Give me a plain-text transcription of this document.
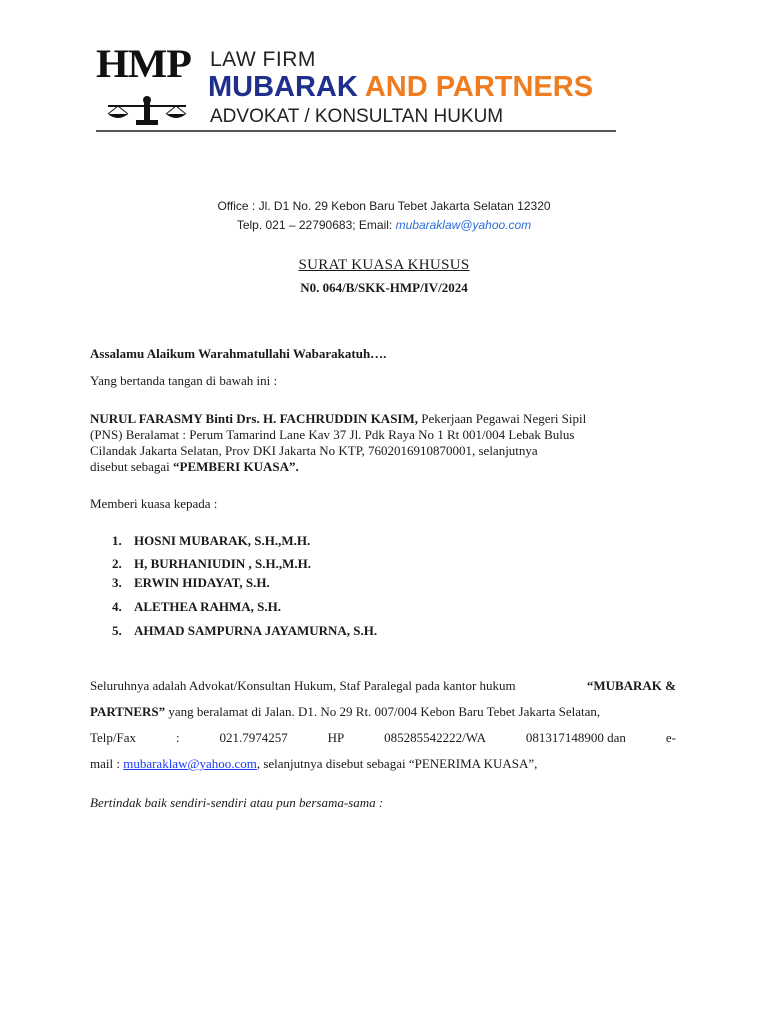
HMP LAW FIRM
MUBARAK AND PARTNERS
ADVOKAT / KONSULTAN HUKUM
Office : Jl. D1 No. 29 Kebon Baru Tebet Jakarta Selatan 12320
Telp. 021 – 22790683; Email: mubaraklaw@yahoo.com
SURAT KUASA KHUSUS
N0. 064/B/SKK-HMP/IV/2024
Assalamu Alaikum Warahmatullahi Wabarakatuh….
Yang bertanda tangan di bawah ini :
NURUL FARASMY Binti Drs. H. FACHRUDDIN KASIM, Pekerjaan Pegawai Negeri Sipil
(PNS) Beralamat : Perum Tamarind Lane Kav 37 Jl. Pdk Raya No 1 Rt 001/004 Lebak Bulus
Cilandak Jakarta Selatan, Prov DKI Jakarta No KTP, 7602016910870001, selanjutnya
disebut sebagai “PEMBERI KUASA”.
Memberi kuasa kepada :
1. HOSNI MUBARAK, S.H.,M.H.
2. H, BURHANIUDIN , S.H.,M.H.
3. ERWIN HIDAYAT, S.H.
4. ALETHEA RAHMA, S.H.
5. AHMAD SAMPURNA JAYAMURNA, S.H.
Seluruhnya adalah Advokat/Konsultan Hukum, Staf Paralegal pada kantor hukum	“MUBARAK &
PARTNERS” yang beralamat di Jalan. D1. No 29 Rt. 007/004 Kebon Baru Tebet Jakarta Selatan,
Telp/Fax	:	021.7974257	HP	085285542222/WA	081317148900 dan	e-
mail : mubaraklaw@yahoo.com, selanjutnya disebut sebagai “PENERIMA KUASA”,
Bertindak baik sendiri-sendiri atau pun bersama-sama :
